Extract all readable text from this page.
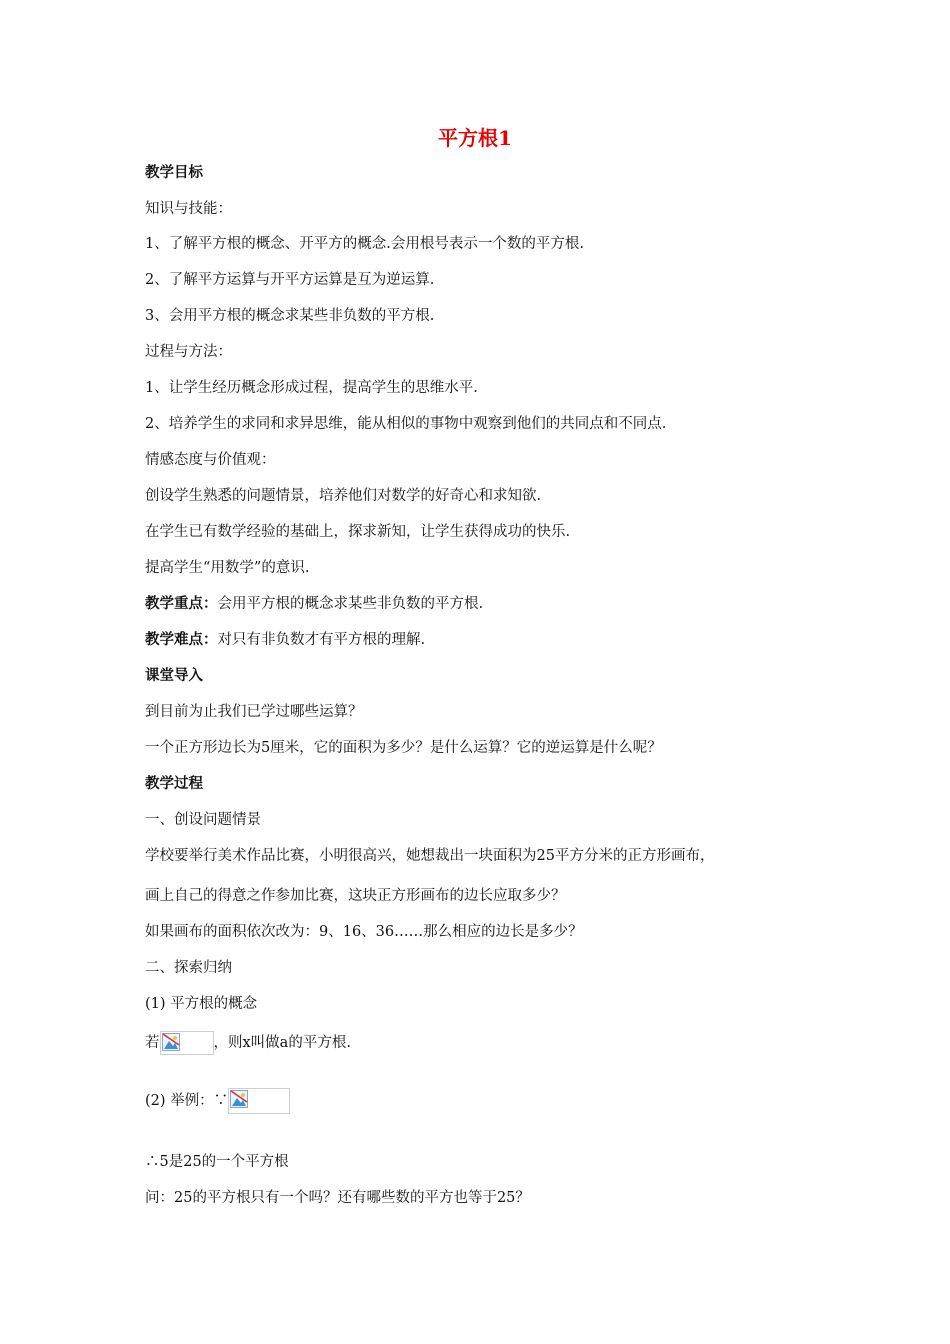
平方根1
教学目标
知识与技能：
1、了解平方根的概念、开平方的概念.会用根号表示一个数的平方根.
2、了解平方运算与开平方运算是互为逆运算.
3、会用平方根的概念求某些非负数的平方根.
过程与方法：
1、让学生经历概念形成过程，提高学生的思维水平.
2、培养学生的求同和求异思维，能从相似的事物中观察到他们的共同点和不同点.
情感态度与价值观：
创设学生熟悉的问题情景，培养他们对数学的好奇心和求知欲.
在学生已有数学经验的基础上，探求新知，让学生获得成功的快乐.
提高学生“用数学”的意识.
教学重点：会用平方根的概念求某些非负数的平方根.
教学难点：对只有非负数才有平方根的理解.
课堂导入
到目前为止我们已学过哪些运算？
一个正方形边长为5厘米，它的面积为多少？是什么运算？它的逆运算是什么呢？
教学过程
一、创设问题情景
学校要举行美术作品比赛，小明很高兴，她想裁出一块面积为25平方分米的正方形画布，
画上自己的得意之作参加比赛，这块正方形画布的边长应取多少？
如果画布的面积依次改为：9、16、36……那么相应的边长是多少？
二、探索归纳
(1) 平方根的概念
若	，则x叫做a的平方根.
(2) 举例：∵
∴5是25的一个平方根
问：25的平方根只有一个吗？还有哪些数的平方也等于25？
